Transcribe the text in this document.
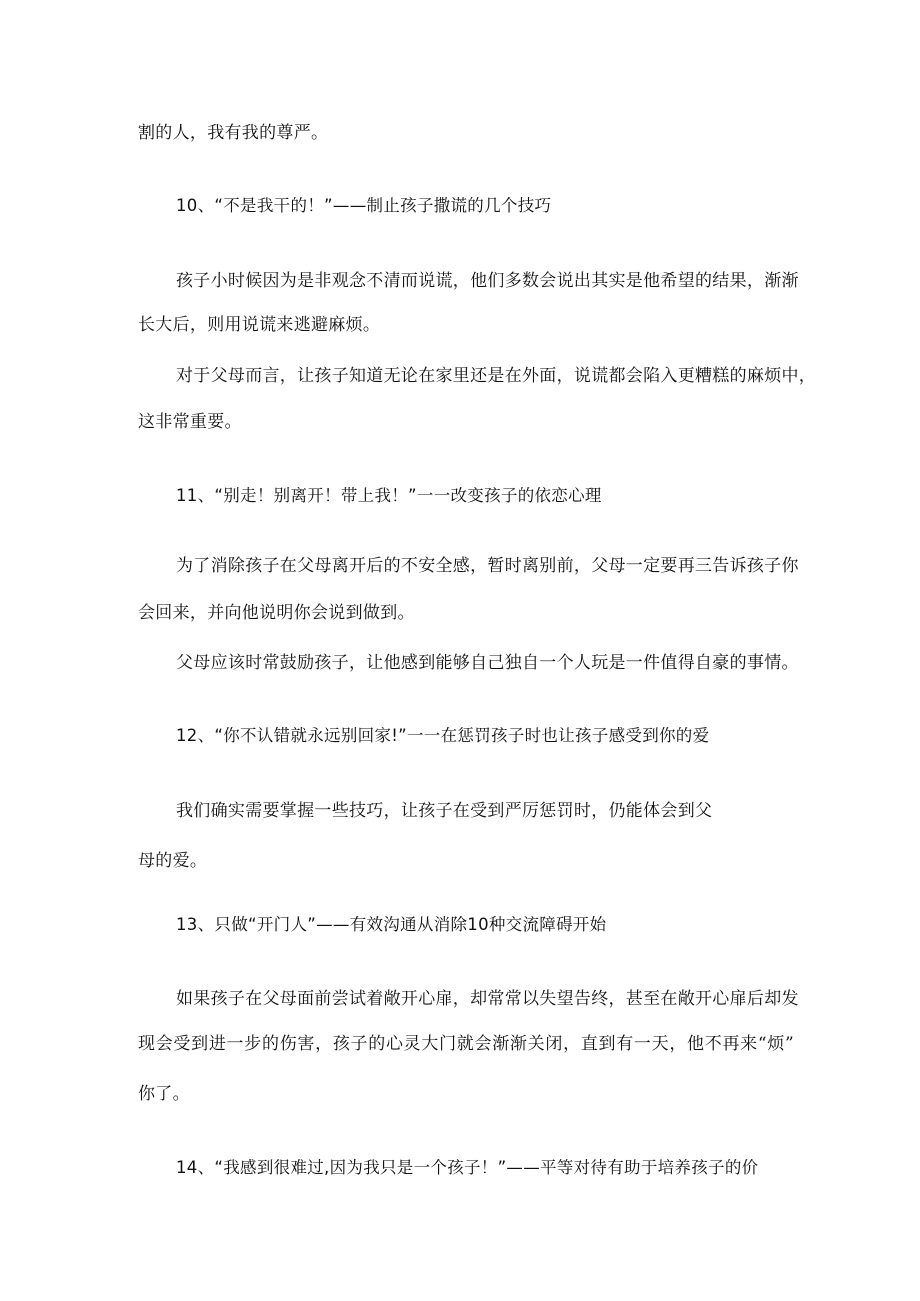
割的人，我有我的尊严。
10、“不是我干的！”——制止孩子撒谎的几个技巧
孩子小时候因为是非观念不清而说谎，他们多数会说出其实是他希望的结果，渐渐
长大后，则用说谎来逃避麻烦。
对于父母而言，让孩子知道无论在家里还是在外面，说谎都会陷入更糟糕的麻烦中，
这非常重要。
11、“别走！别离开！带上我！”一一改变孩子的依恋心理
为了消除孩子在父母离开后的不安全感，暂时离别前，父母一定要再三告诉孩子你
会回来，并向他说明你会说到做到。
父母应该时常鼓励孩子，让他感到能够自己独自一个人玩是一件值得自豪的事情。
12、“你不认错就永远别回家!”一一在惩罚孩子时也让孩子感受到你的爱
我们确实需要掌握一些技巧，让孩子在受到严厉惩罚时，仍能体会到父
母的爱。
13、只做“开门人”——有效沟通从消除10种交流障碍开始
如果孩子在父母面前尝试着敞开心扉，却常常以失望告终，甚至在敞开心扉后却发
现会受到进一步的伤害，孩子的心灵大门就会渐渐关闭，直到有一天，他不再来“烦”
你了。
14、“我感到很难过,因为我只是一个孩子！”——平等对待有助于培养孩子的价
